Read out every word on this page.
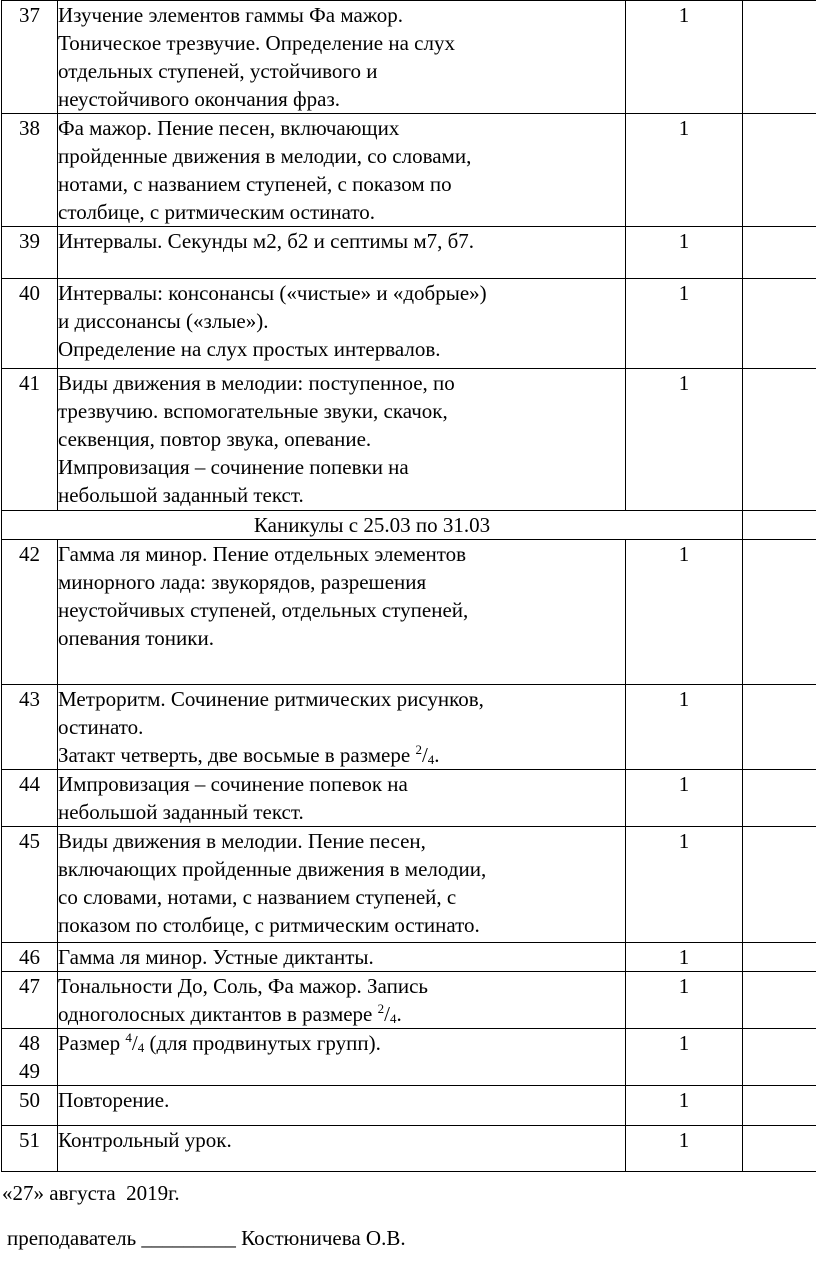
37	Изучение элементов гаммы Фа мажор.
Тоническое трезвучие. Определение на слух
отдельных ступеней, устойчивого и
неустойчивого окончания фраз.	1	
38	Фа мажор. Пение песен, включающих
пройденные движения в мелодии, со словами,
нотами, с названием ступеней, с показом по
столбице, с ритмическим остинато.	1	
39	Интервалы. Секунды м2, б2 и септимы м7, б7.	1	
40	Интервалы: консонансы («чистые» и «добрые»)
и диссонансы («злые»).
Определение на слух простых интервалов.	1	
41	Виды движения в мелодии: поступенное, по
трезвучию. вспомогательные звуки, скачок,
секвенция, повтор звука, опевание.
Импровизация – сочинение попевки на
небольшой заданный текст.	1	
Каникулы с 25.03 по 31.03			
42	Гамма ля минор. Пение отдельных элементов
минорного лада: звукорядов, разрешения
неустойчивых ступеней, отдельных ступеней,
опевания тоники.	1	
43	Метроритм. Сочинение ритмических рисунков,
остинато.
Затакт четверть, две восьмые в размере $^2/_4$.	1	
44	Импровизация – сочинение попевок на
небольшой заданный текст.	1	
45	Виды движения в мелодии. Пение песен,
включающих пройденные движения в мелодии,
со словами, нотами, с названием ступеней, с
показом по столбице, с ритмическим остинато.	1	
46	Гамма ля минор. Устные диктанты.	1	
47	Тональности До, Соль, Фа мажор. Запись
одноголосных диктантов в размере $^2/_4$.	1	
48
49	Размер $^4/_4$ (для продвинутых групп).	1	
50	Повторение.	1	
51	Контрольный урок.	1	
«27» августа  2019г.
преподаватель _________ Костюничева О.В.
